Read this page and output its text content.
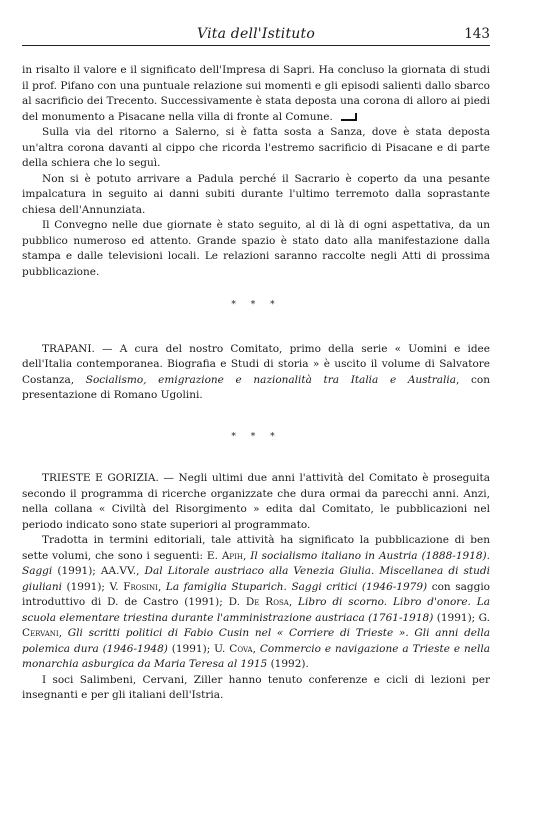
Vita dell'Istituto	143

in risalto il valore e il significato dell'Impresa di Sapri. Ha concluso la giornata di studi il prof. Pifano con una puntuale relazione sui momenti e gli episodi salienti dallo sbarco al sacrificio dei Trecento. Successivamente è stata deposta una corona di alloro ai piedi del monumento a Pisacane nella villa di fronte al Comune.

Sulla via del ritorno a Salerno, si è fatta sosta a Sanza, dove è stata deposta un'altra corona davanti al cippo che ricorda l'estremo sacrificio di Pisacane e di parte della schiera che lo seguì.

Non si è potuto arrivare a Padula perché il Sacrario è coperto da una pesante impalcatura in seguito ai danni subiti durante l'ultimo terremoto dalla soprastante chiesa dell'Annunziata.

Il Convegno nelle due giornate è stato seguito, al di là di ogni aspettativa, da un pubblico numeroso ed attento. Grande spazio è stato dato alla manifestazione dalla stampa e dalle televisioni locali. Le relazioni saranno raccolte negli Atti di prossima pubblicazione.

* * *

TRAPANI. — A cura del nostro Comitato, primo della serie « Uomini e idee dell'Italia contemporanea. Biografia e Studi di storia » è uscito il volume di Salvatore Costanza, Socialismo, emigrazione e nazionalità tra Italia e Australia, con presentazione di Romano Ugolini.

* * *

TRIESTE E GORIZIA. — Negli ultimi due anni l'attività del Comitato è proseguita secondo il programma di ricerche organizzate che dura ormai da parecchi anni. Anzi, nella collana « Civiltà del Risorgimento » edita dal Comitato, le pubblicazioni nel periodo indicato sono state superiori al programmato.

Tradotta in termini editoriali, tale attività ha significato la pubblicazione di ben sette volumi, che sono i seguenti: E. Apih, Il socialismo italiano in Austria (1888-1918). Saggi (1991); AA.VV., Dal Litorale austriaco alla Venezia Giulia. Miscellanea di studi giuliani (1991); V. Frosini, La famiglia Stuparich. Saggi critici (1946-1979) con saggio introduttivo di D. de Castro (1991); D. De Rosa, Libro di scorno. Libro d'onore. La scuola elementare triestina durante l'amministrazione austriaca (1761-1918) (1991); G. Cervani, Gli scritti politici di Fabio Cusin nel « Corriere di Trieste ». Gli anni della polemica dura (1946-1948) (1991); U. Cova, Commercio e navigazione a Trieste e nella monarchia asburgica da Maria Teresa al 1915 (1992).

I soci Salimbeni, Cervani, Ziller hanno tenuto conferenze e cicli di lezioni per insegnanti e per gli italiani dell'Istria.
